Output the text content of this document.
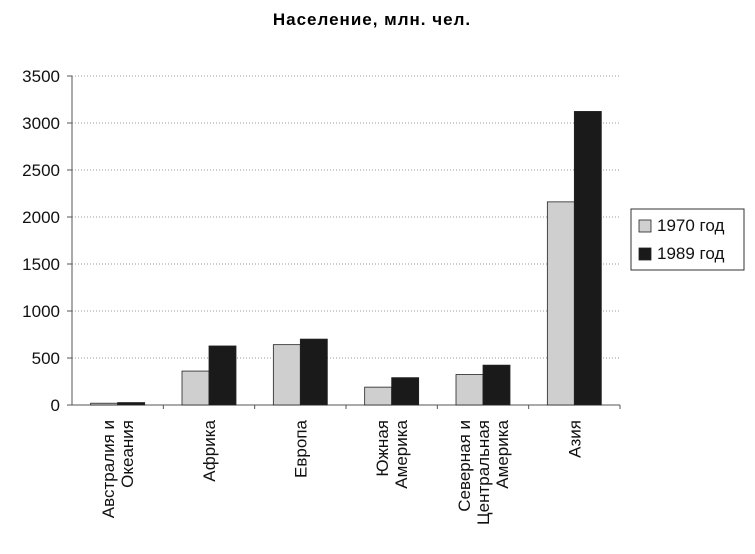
Население, млн. чел.
0
500
1000
1500
2000
2500
3000
3500
Австралия иОкеания	Африка	Европа	ЮжнаяАмерика	Северная иЦентральнаяАмерика	Азия
1970 год
1989 год
